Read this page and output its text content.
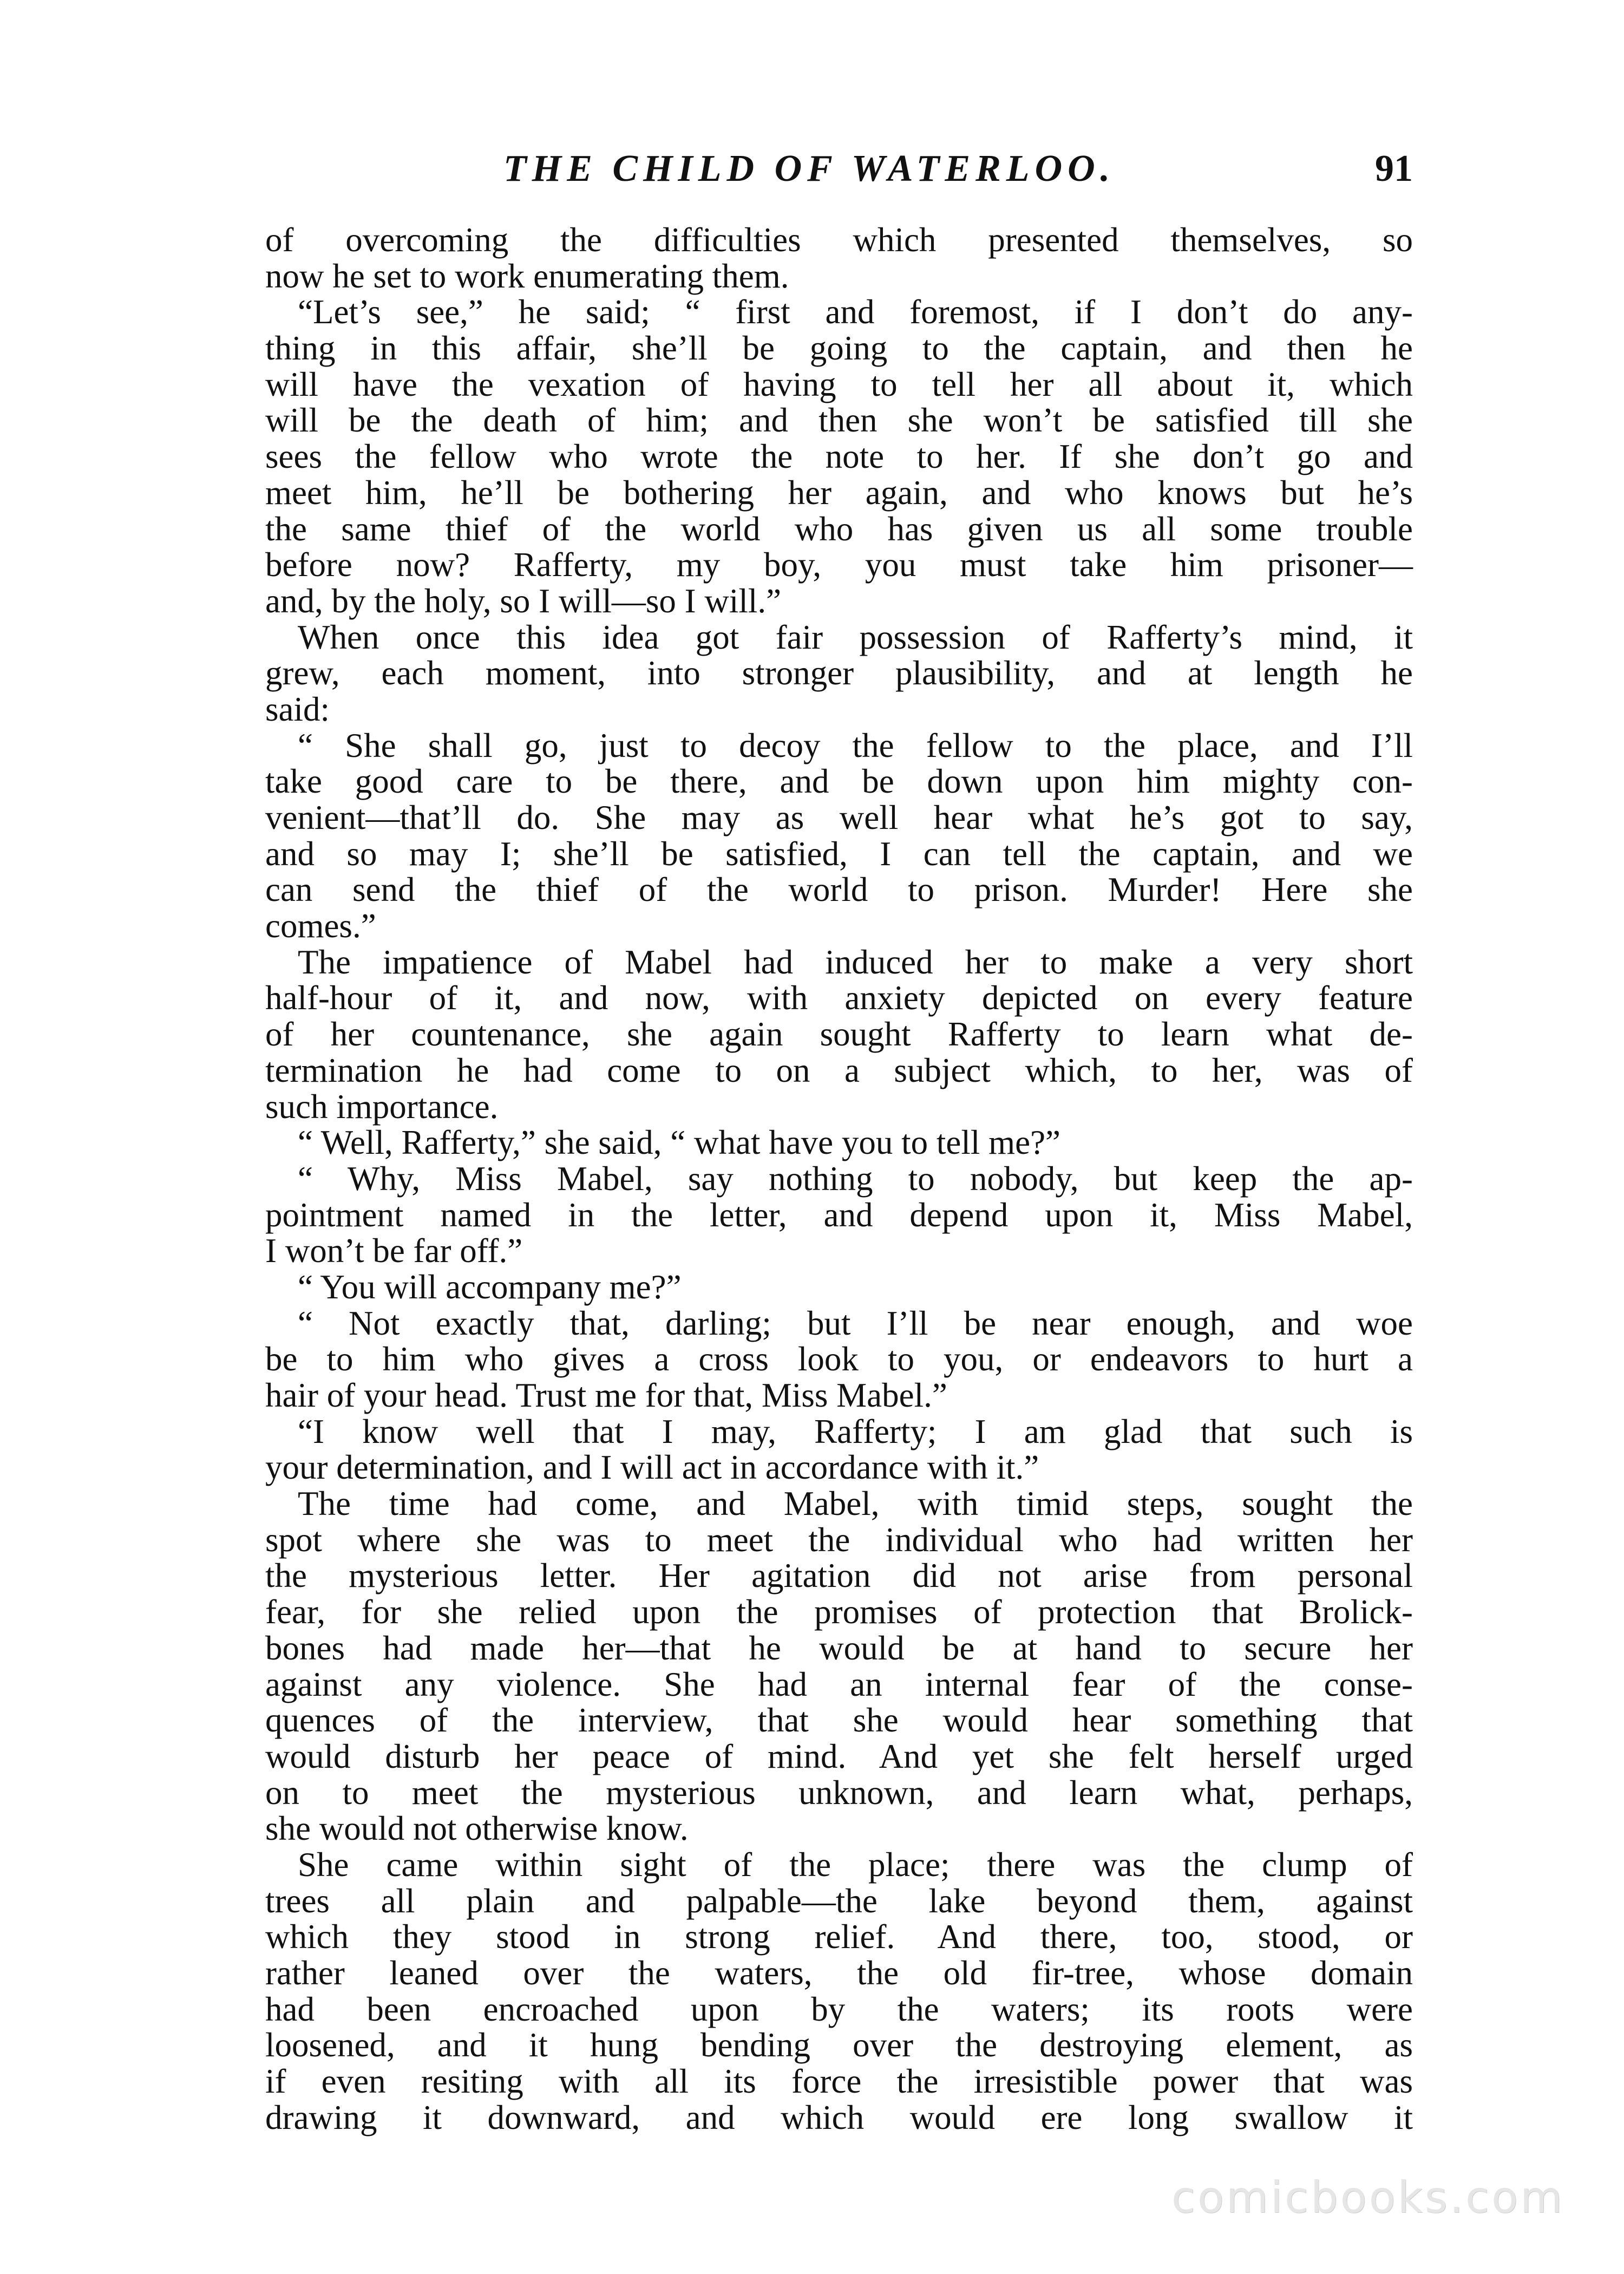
THE CHILD OF WATERLOO.	91
of overcoming the difficulties which presented themselves, so
now he set to work enumerating them.
“Let’s see,” he said; “ first and foremost, if I don’t do any-
thing in this affair, she’ll be going to the captain, and then he
will have the vexation of having to tell her all about it, which
will be the death of him; and then she won’t be satisfied till she
sees the fellow who wrote the note to her. If she don’t go and
meet him, he’ll be bothering her again, and who knows but he’s
the same thief of the world who has given us all some trouble
before now? Rafferty, my boy, you must take him prisoner—
and, by the holy, so I will—so I will.”
When once this idea got fair possession of Rafferty’s mind, it
grew, each moment, into stronger plausibility, and at length he
said:
“ She shall go, just to decoy the fellow to the place, and I’ll
take good care to be there, and be down upon him mighty con-
venient—that’ll do. She may as well hear what he’s got to say,
and so may I; she’ll be satisfied, I can tell the captain, and we
can send the thief of the world to prison. Murder! Here she
comes.”
The impatience of Mabel had induced her to make a very short
half-hour of it, and now, with anxiety depicted on every feature
of her countenance, she again sought Rafferty to learn what de-
termination he had come to on a subject which, to her, was of
such importance.
“ Well, Rafferty,” she said, “ what have you to tell me?”
“ Why, Miss Mabel, say nothing to nobody, but keep the ap-
pointment named in the letter, and depend upon it, Miss Mabel,
I won’t be far off.”
“ You will accompany me?”
“ Not exactly that, darling; but I’ll be near enough, and woe
be to him who gives a cross look to you, or endeavors to hurt a
hair of your head. Trust me for that, Miss Mabel.”
“I know well that I may, Rafferty; I am glad that such is
your determination, and I will act in accordance with it.”
The time had come, and Mabel, with timid steps, sought the
spot where she was to meet the individual who had written her
the mysterious letter. Her agitation did not arise from personal
fear, for she relied upon the promises of protection that Brolick-
bones had made her—that he would be at hand to secure her
against any violence. She had an internal fear of the conse-
quences of the interview, that she would hear something that
would disturb her peace of mind. And yet she felt herself urged
on to meet the mysterious unknown, and learn what, perhaps,
she would not otherwise know.
She came within sight of the place; there was the clump of
trees all plain and palpable—the lake beyond them, against
which they stood in strong relief. And there, too, stood, or
rather leaned over the waters, the old fir-tree, whose domain
had been encroached upon by the waters; its roots were
loosened, and it hung bending over the destroying element, as
if even resiting with all its force the irresistible power that was
drawing it downward, and which would ere long swallow it
comicbooks.com
